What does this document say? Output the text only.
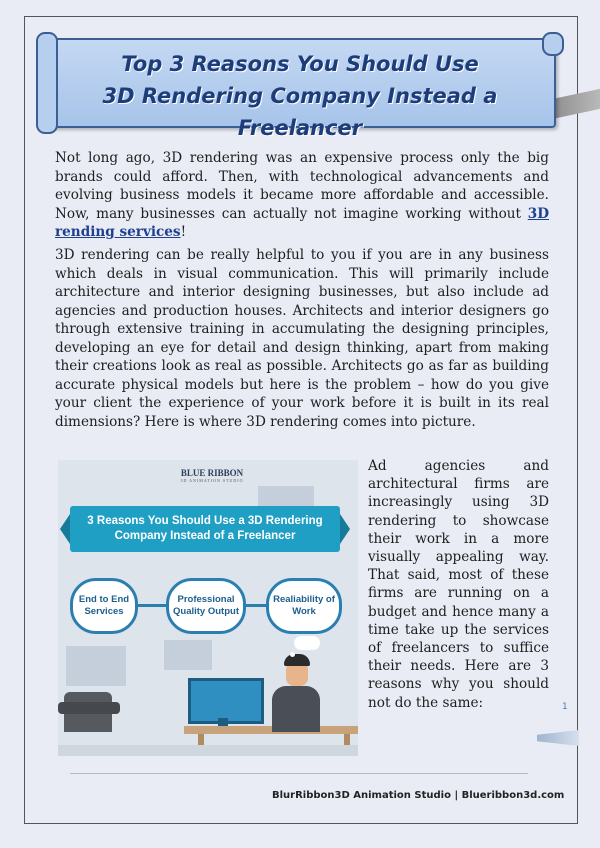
Top 3 Reasons You Should Use
3D Rendering Company Instead a Freelancer
Not long ago, 3D rendering was an expensive process only the big brands could afford. Then, with technological advancements and evolving business models it became more affordable and accessible. Now, many businesses can actually not imagine working without 3D rending services!
3D rendering can be really helpful to you if you are in any business which deals in visual communication. This will primarily include architecture and interior designing businesses, but also include ad agencies and production houses. Architects and interior designers go through extensive training in accumulating the designing principles, developing an eye for detail and design thinking, apart from making their creations look as real as possible. Architects go as far as building accurate physical models but here is the problem – how do you give your client the experience of your work before it is built in its real dimensions? Here is where 3D rendering comes into picture.
BLUE RIBBON
3D ANIMATION STUDIO
3 Reasons You Should Use a 3D Rendering Company Instead of a Freelancer
End to End Services
Professional Quality Output
Realiability of Work
Ad agencies and architectural firms are increasingly using 3D rendering to showcase their work in a more visually appealing way. That said, most of these firms are running on a budget and hence many a time take up the services of freelancers to suffice their needs. Here are 3 reasons why you should not do the same:	1
BlurRibbon3D Animation Studio | Blueribbon3d.com
